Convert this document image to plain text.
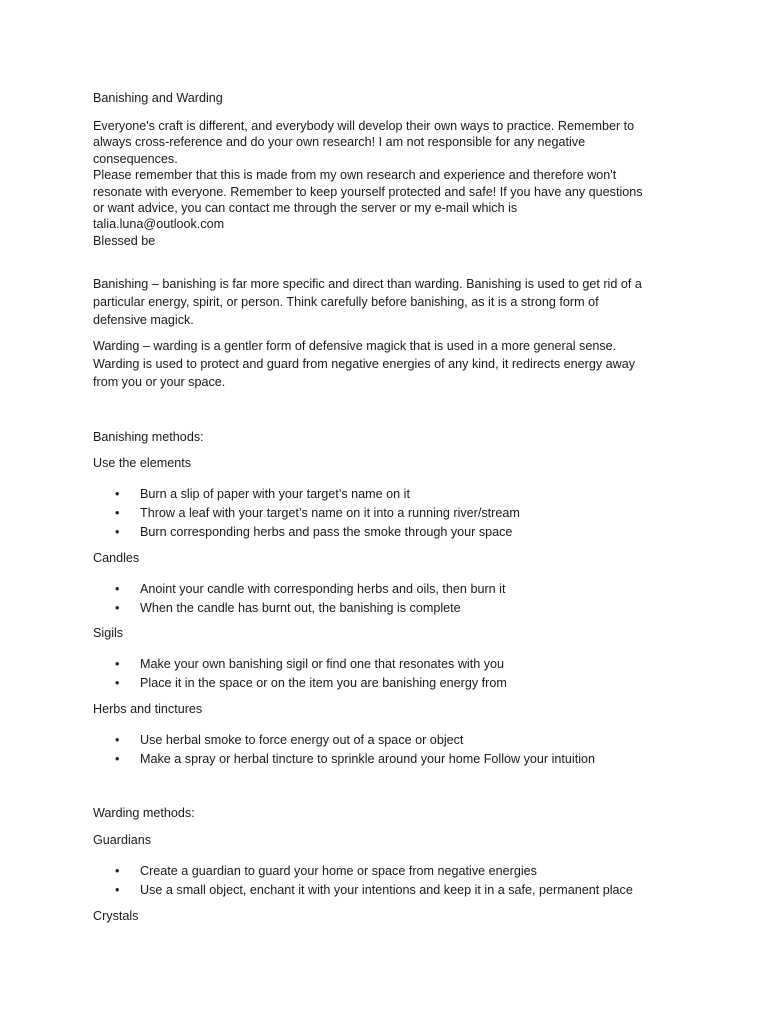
Banishing and Warding

Everyone's craft is different, and everybody will develop their own ways to practice. Remember to
always cross-reference and do your own research! I am not responsible for any negative
consequences.
Please remember that this is made from my own research and experience and therefore won't
resonate with everyone. Remember to keep yourself protected and safe! If you have any questions
or want advice, you can contact me through the server or my e-mail which is
talia.luna@outlook.com
Blessed be
Banishing – banishing is far more specific and direct than warding. Banishing is used to get rid of a
particular energy, spirit, or person. Think carefully before banishing, as it is a strong form of
defensive magick.
Warding – warding is a gentler form of defensive magick that is used in a more general sense.
Warding is used to protect and guard from negative energies of any kind, it redirects energy away
from you or your space.

Banishing methods:

Use the elements

• Burn a slip of paper with your target’s name on it
• Throw a leaf with your target’s name on it into a running river/stream
• Burn corresponding herbs and pass the smoke through your space

Candles

• Anoint your candle with corresponding herbs and oils, then burn it
• When the candle has burnt out, the banishing is complete

Sigils

• Make your own banishing sigil or find one that resonates with you
• Place it in the space or on the item you are banishing energy from

Herbs and tinctures

• Use herbal smoke to force energy out of a space or object
• Make a spray or herbal tincture to sprinkle around your home Follow your intuition

Warding methods:

Guardians

• Create a guardian to guard your home or space from negative energies
• Use a small object, enchant it with your intentions and keep it in a safe, permanent place

Crystals
